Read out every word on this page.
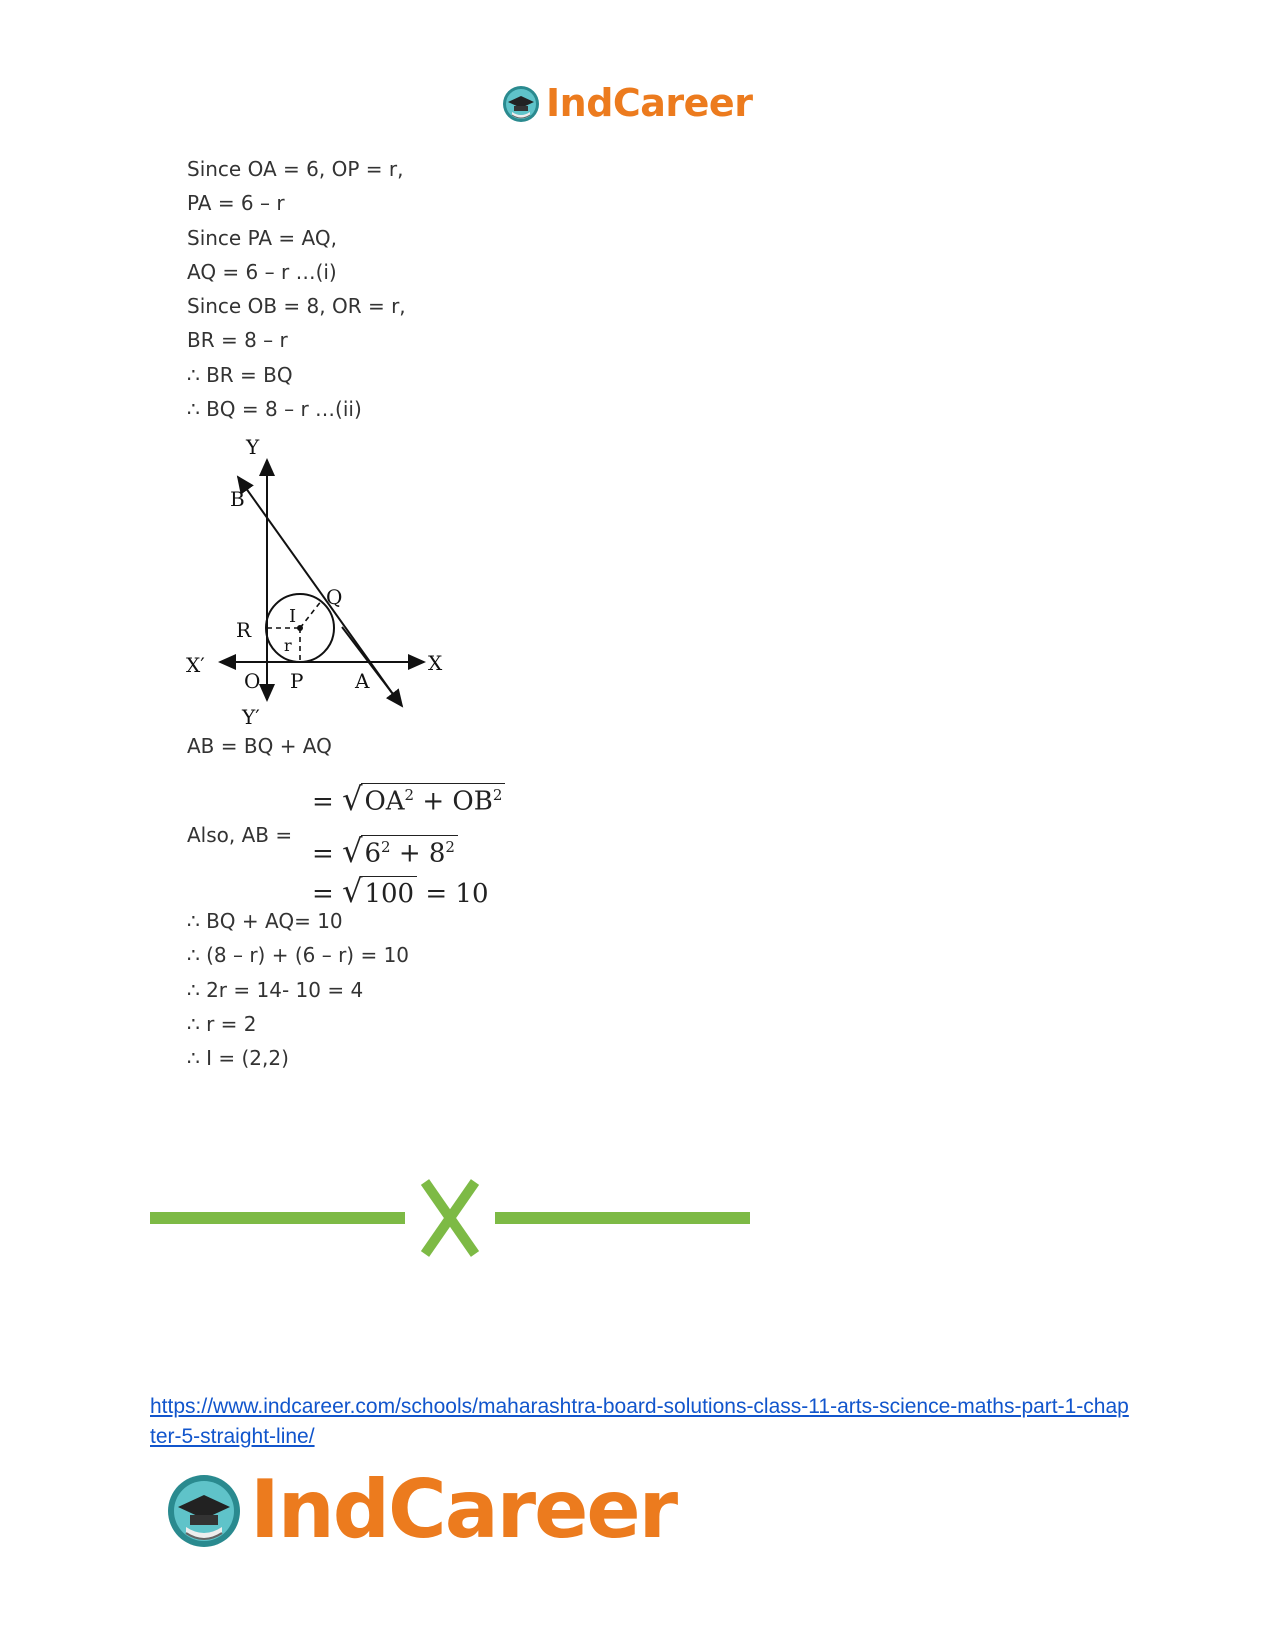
IndCareer
Since OA = 6, OP = r,
PA = 6 – r
Since PA = AQ,
AQ = 6 – r …(i)
Since OB = 8, OR = r,
BR = 8 – r
∴ BR = BQ
∴ BQ = 8 – r …(ii)
Y
Y′
X
X′
B
Q
I
R
r
O P	A
AB = BQ + AQ
Also, AB =
= $√OA^2 + OB^2$
= $√6^2 + 8^2$
= √100 = 10
∴ BQ + AQ= 10
∴ (8 – r) + (6 – r) = 10
∴ 2r = 14- 10 = 4
∴ r = 2
∴ I = (2,2)
https://www.indcareer.com/schools/maharashtra-board-solutions-class-11-arts-science-maths-part-1-chapter-5-straight-line/
IndCareer
